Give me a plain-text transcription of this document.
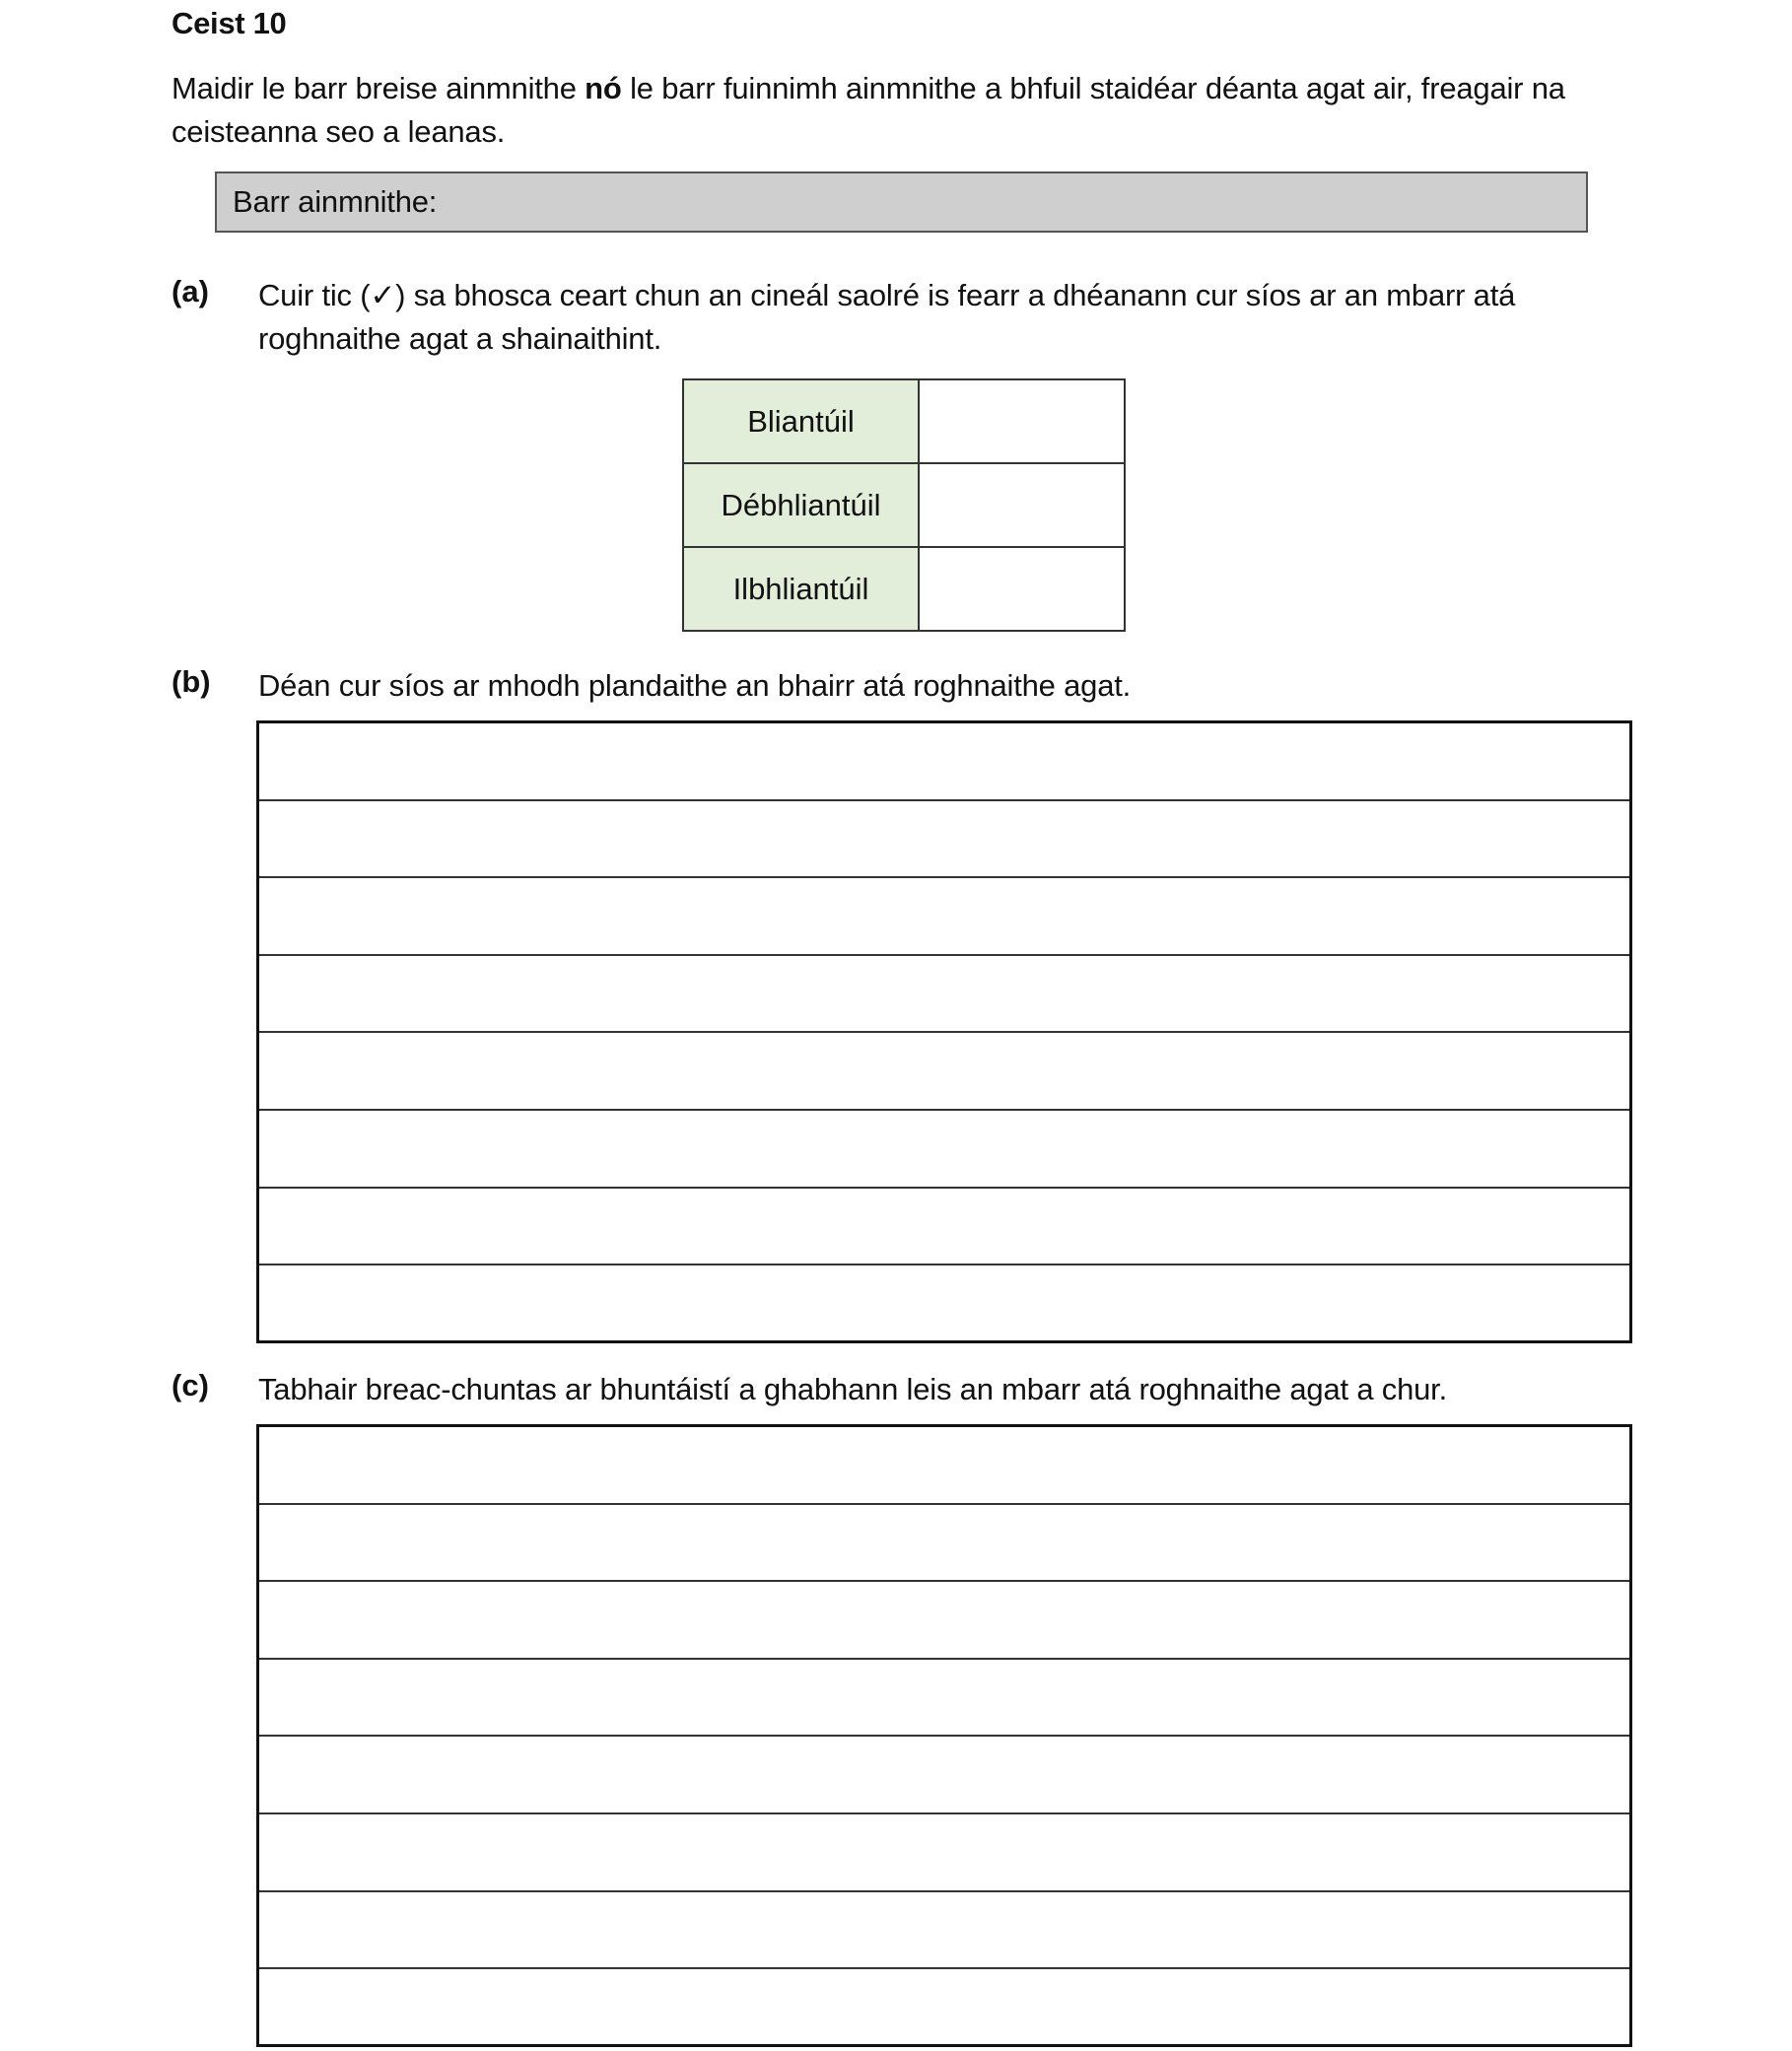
Ceist 10
Maidir le barr breise ainmnithe nó le barr fuinnimh ainmnithe a bhfuil staidéar déanta agat air, freagair na ceisteanna seo a leanas.
Barr ainmnithe:
(a) Cuir tic (✓) sa bhosca ceart chun an cineál saolré is fearr a dhéanann cur síos ar an mbarr atá roghnaithe agat a shainaithint.
Bliantúil	
Débhliantúil	
Ilbhliantúil	
(b) Déan cur síos ar mhodh plandaithe an bhairr atá roghnaithe agat.
(c) Tabhair breac-chuntas ar bhuntáistí a ghabhann leis an mbarr atá roghnaithe agat a chur.
